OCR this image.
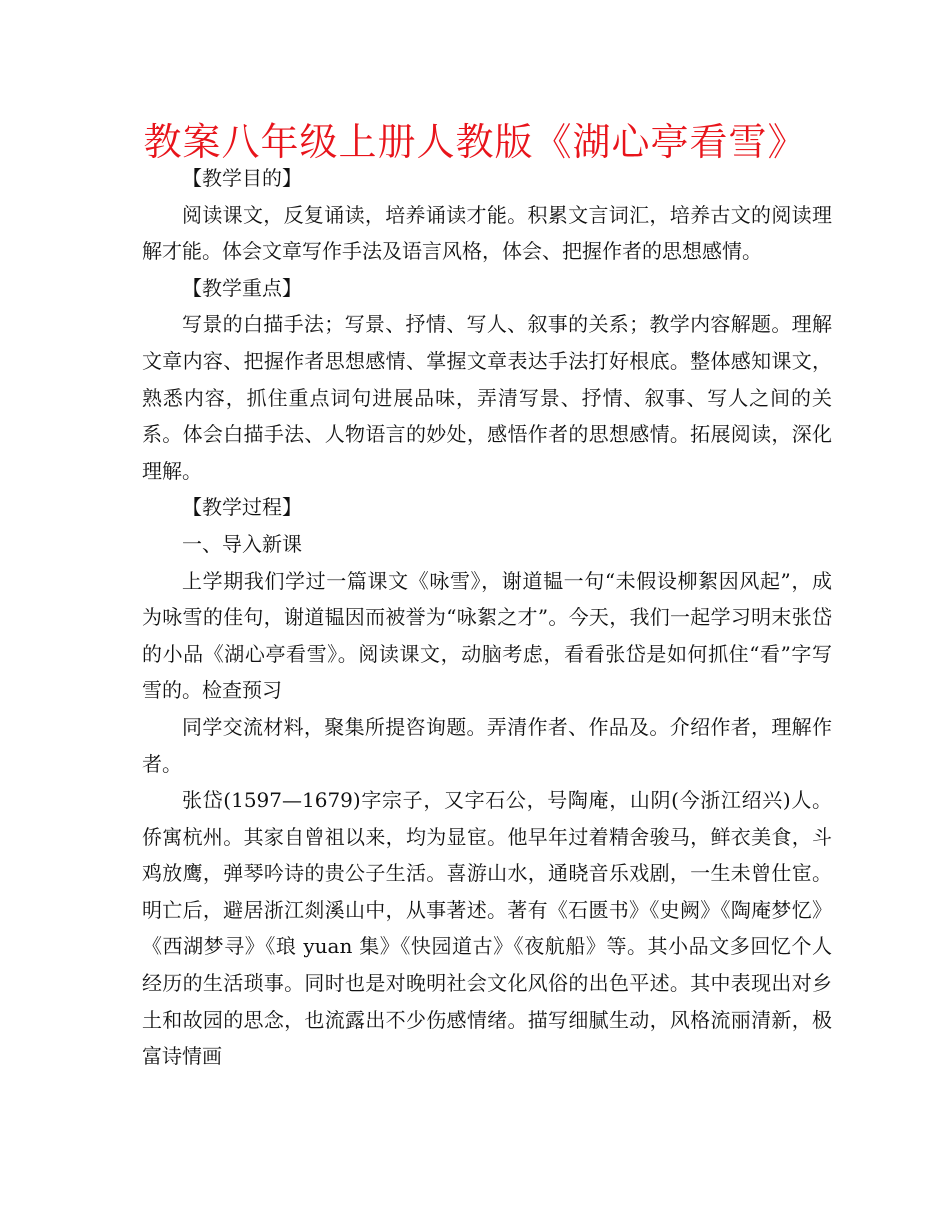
教案八年级上册人教版《湖心亭看雪》

【教学目的】

阅读课文，反复诵读，培养诵读才能。积累文言词汇，培养古文的阅读理解才能。体会文章写作手法及语言风格，体会、把握作者的思想感情。

【教学重点】

写景的白描手法；写景、抒情、写人、叙事的关系；教学内容解题。理解文章内容、把握作者思想感情、掌握文章表达手法打好根底。整体感知课文，熟悉内容，抓住重点词句进展品味，弄清写景、抒情、叙事、写人之间的关系。体会白描手法、人物语言的妙处，感悟作者的思想感情。拓展阅读，深化理解。

【教学过程】

一、导入新课

上学期我们学过一篇课文《咏雪》，谢道韫一句“未假设柳絮因风起”，成为咏雪的佳句，谢道韫因而被誉为“咏絮之才”。今天，我们一起学习明末张岱的小品《湖心亭看雪》。阅读课文，动脑考虑，看看张岱是如何抓住“看”字写雪的。检查预习

同学交流材料，聚集所提咨询题。弄清作者、作品及。介绍作者，理解作者。

张岱(1597—1679)字宗子，又字石公，号陶庵，山阴(今浙江绍兴)人。侨寓杭州。其家自曾祖以来，均为显宦。他早年过着精舍骏马，鲜衣美食，斗鸡放鹰，弹琴吟诗的贵公子生活。喜游山水，通晓音乐戏剧，一生未曾仕宦。明亡后，避居浙江剡溪山中，从事著述。著有《石匮书》《史阙》《陶庵梦忆》《西湖梦寻》《琅 yuan 集》《快园道古》《夜航船》等。其小品文多回忆个人经历的生活琐事。同时也是对晚明社会文化风俗的出色平述。其中表现出对乡土和故园的思念，也流露出不少伤感情绪。描写细腻生动，风格流丽清新，极富诗情画
